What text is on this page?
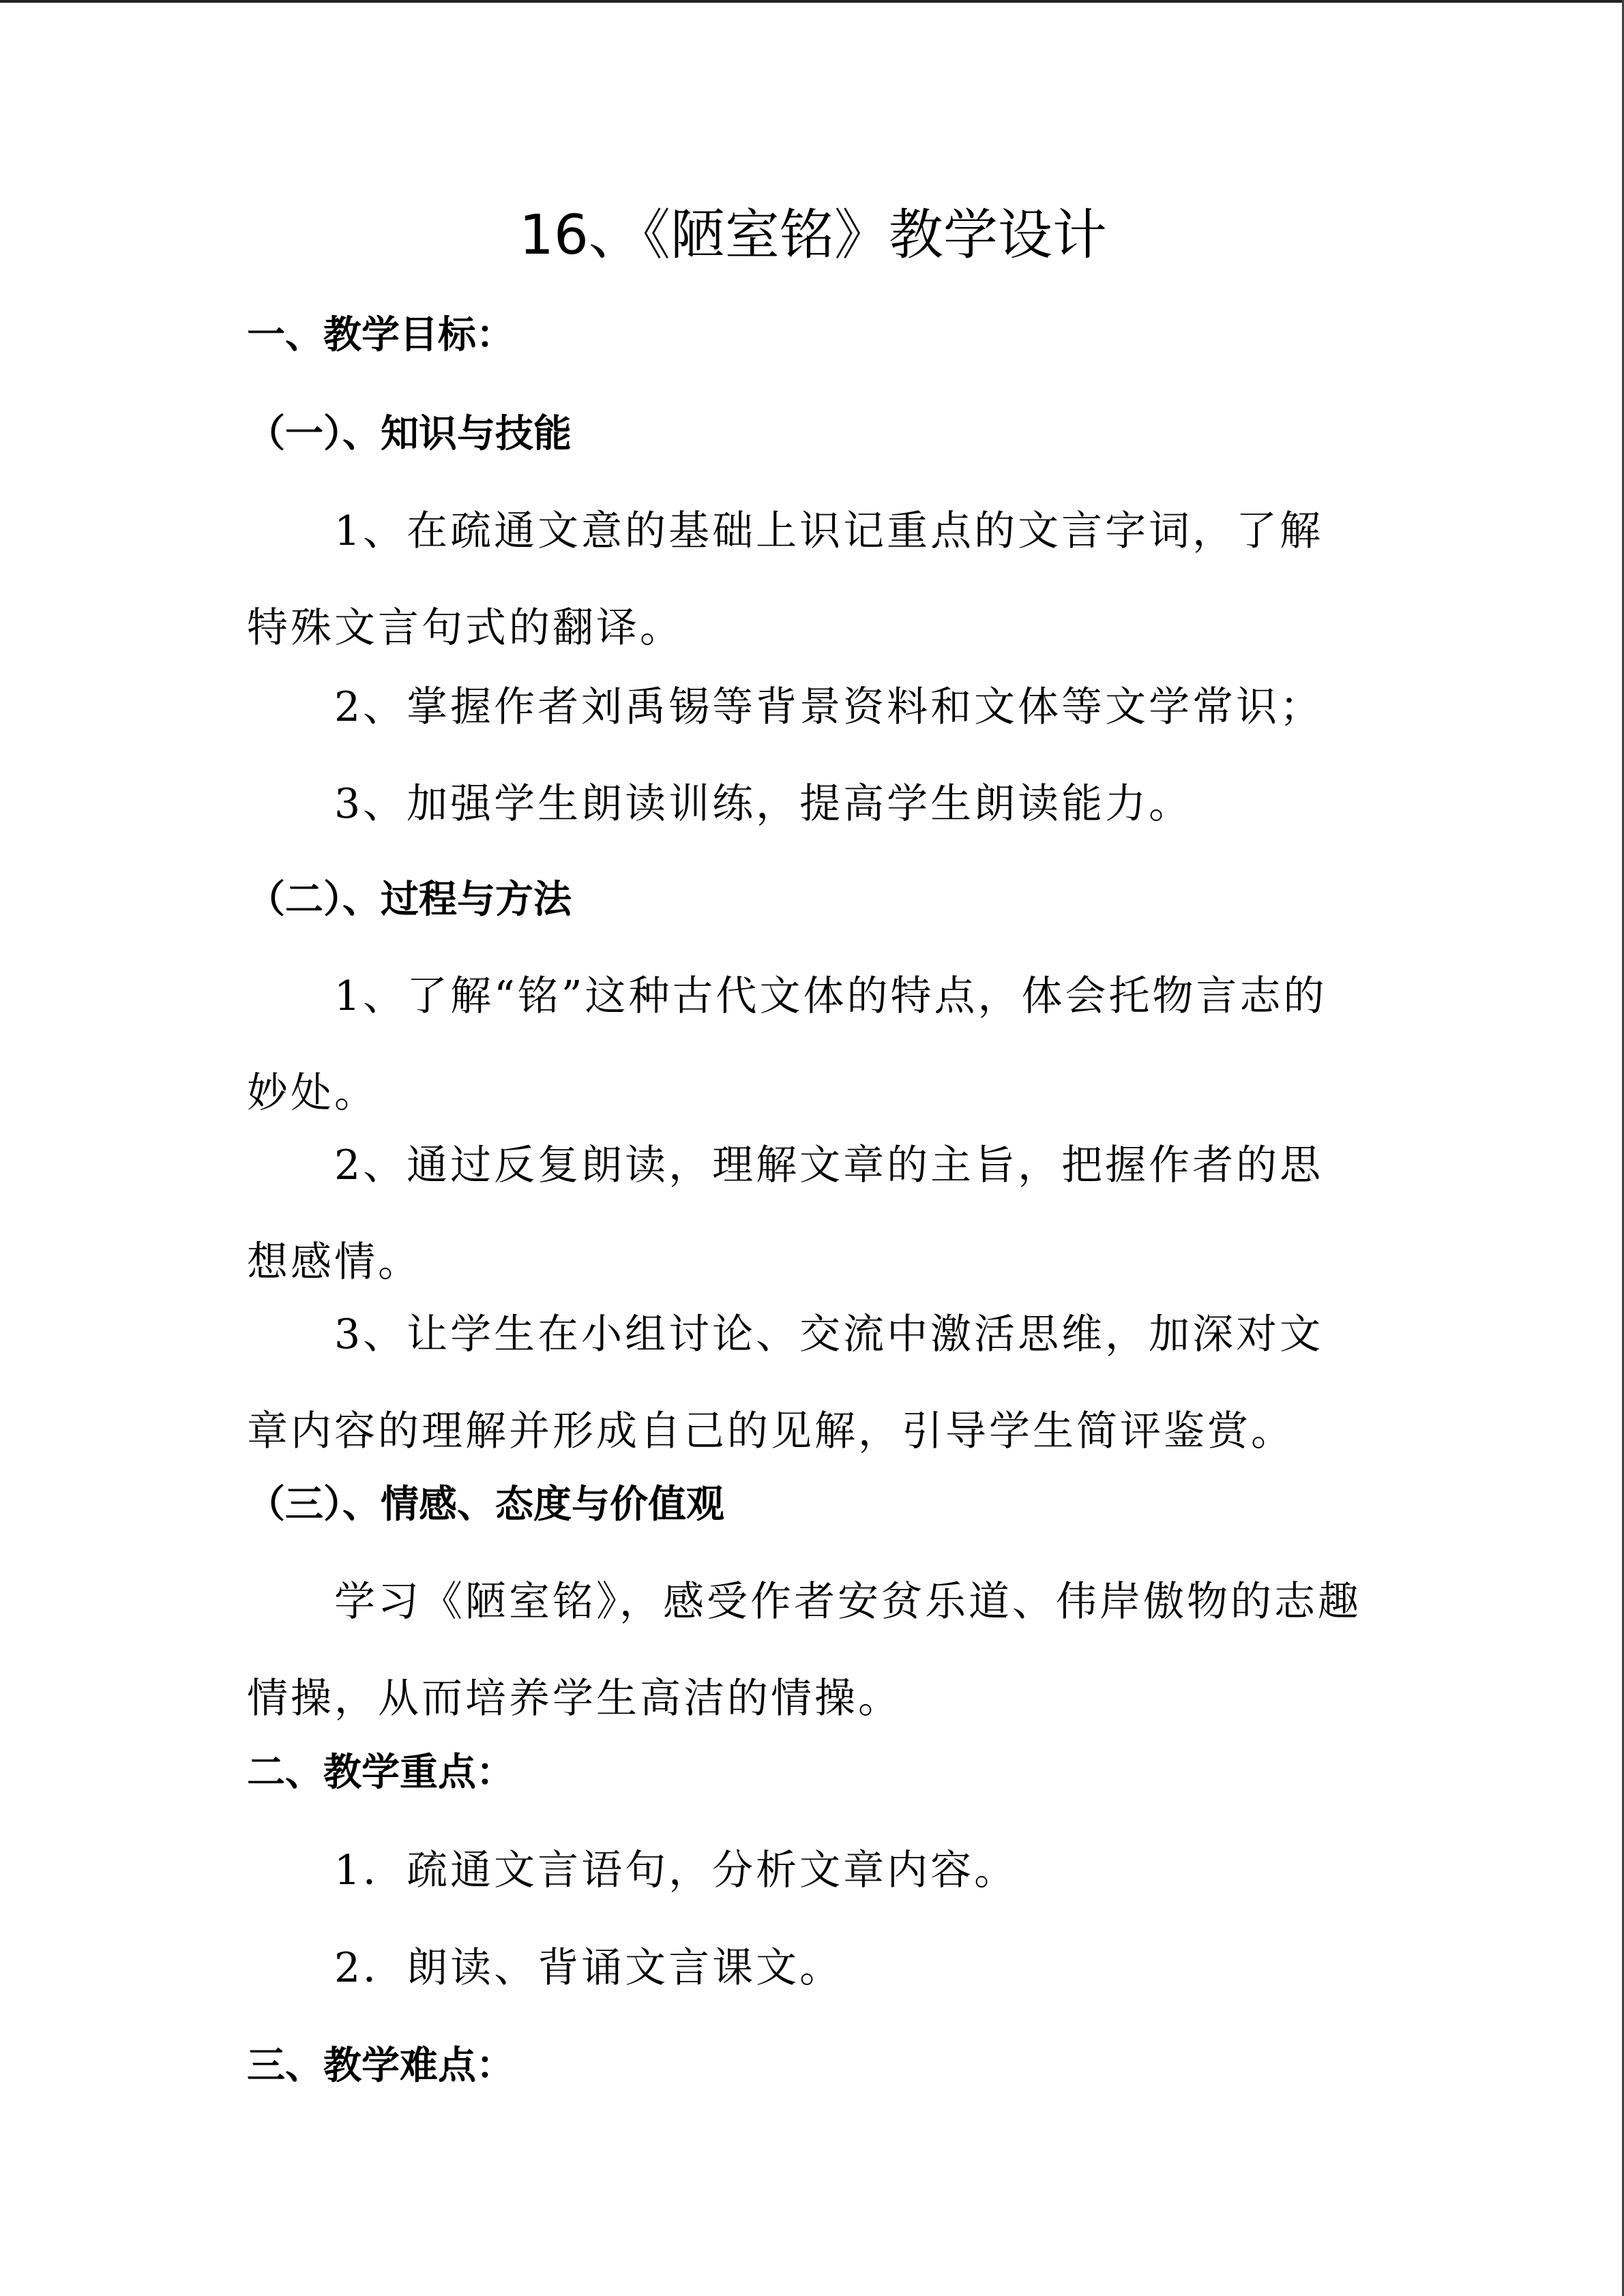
16、《陋室铭》教学设计
一、教学目标：
（一）、知识与技能

1、在疏通文意的基础上识记重点的文言字词，了解特殊文言句式的翻译。

2、掌握作者刘禹锡等背景资料和文体等文学常识；

3、加强学生朗读训练，提高学生朗读能力。

（二）、过程与方法

1、了解“铭”这种古代文体的特点，体会托物言志的妙处。

2、通过反复朗读，理解文章的主旨，把握作者的思想感情。

3、让学生在小组讨论、交流中激活思维，加深对文章内容的理解并形成自己的见解，引导学生简评鉴赏。

（三）、情感、态度与价值观

学习《陋室铭》，感受作者安贫乐道、伟岸傲物的志趣情操，从而培养学生高洁的情操。

二、教学重点：

1．疏通文言语句，分析文章内容。

2．朗读、背诵文言课文。

三、教学难点：
